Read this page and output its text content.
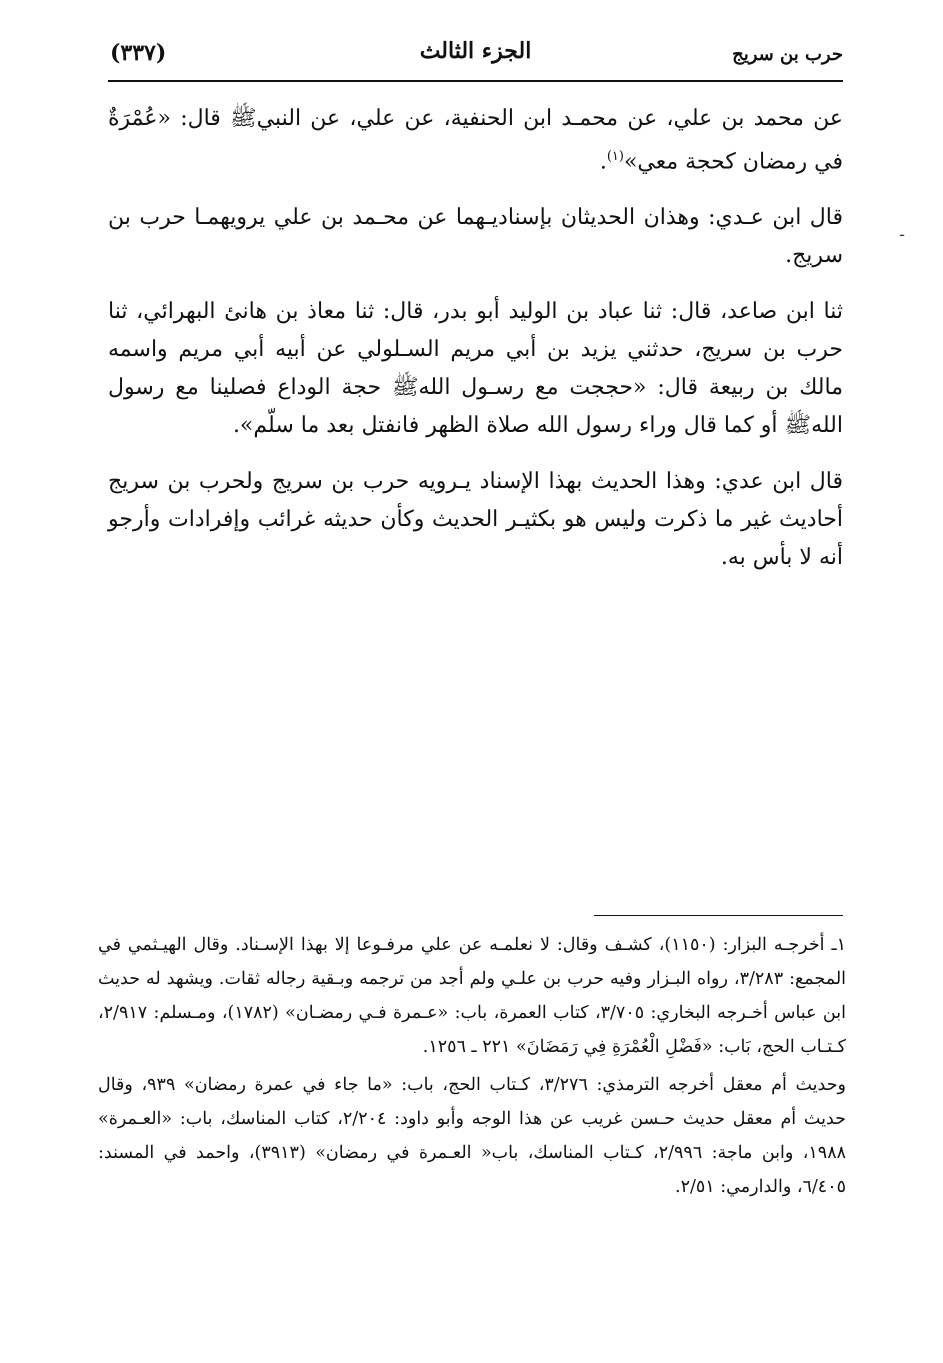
حرب بن سريج
الجزء الثالث
(٣٣٧)
ـ

عن محمد بن علي، عن محمـد ابن الحنفية، عن علي، عن النبيﷺ قال: «عُمْرَةٌ في رمضان كحجة معي»$^{(١)}$.

قال ابن عـدي: وهذان الحديثان بإسناديـهما عن محـمد بن علي يرويهمـا حرب بن سريج.

ثنا ابن صاعد، قال: ثنا عباد بن الوليد أبو بدر، قال: ثنا معاذ بن هانئ البهرائي، ثنا حرب بن سريج، حدثني يزيد بن أبي مريم السـلولي عن أبيه أبي مريم واسمه مالك بن ربيعة قال: «حججت مع رسـول اللهﷺ حجة الوداع فصلينا مع رسول اللهﷺ أو كما قال وراء رسول الله صلاة الظهر فانفتل بعد ما سلّم».

قال ابن عدي: وهذا الحديث بهذا الإسناد يـرويه حرب بن سريج ولحرب بن سريج أحاديث غير ما ذكرت وليس هو بكثيـر الحديث وكأن حديثه غرائب وإفرادات وأرجو أنه لا بأس به.

١ـ أخرجـه البزار: (١١٥٠)، كشـف وقال: لا نعلمـه عن علي مرفـوعا إلا بهذا الإسـناد. وقال الهيـثمي في المجمع: ٣/٢٨٣، رواه البـزار وفيه حرب بن علـي ولم أجد من ترجمه وبـقية رجاله ثقات. ويشهد له حديث ابن عباس أخـرجه البخاري: ٣/٧٠٥، كتاب العمرة، باب: «عـمرة فـي رمضـان» (١٧٨٢)، ومـسلم: ٢/٩١٧، كـتـاب الحج، بَاب: «فَضْلِ الْعُمْرَةِ فِي رَمَضَانَ» ٢٢١ ـ ١٢٥٦.

وحديث أم معقل أخرجه الترمذي: ٣/٢٧٦، كـتاب الحج، باب: «ما جاء في عمرة رمضان» ٩٣٩، وقال حديث أم معقل حديث حـسن غريب عن هذا الوجه وأبو داود: ٢/٢٠٤، كتاب المناسك، باب: «العـمرة» ١٩٨٨، وابن ماجة: ٢/٩٩٦، كـتاب المناسك، باب« العـمرة في رمضان» (٣٩١٣)، واحمد في المسند: ٦/٤٠٥، والدارمي: ٢/٥١.
